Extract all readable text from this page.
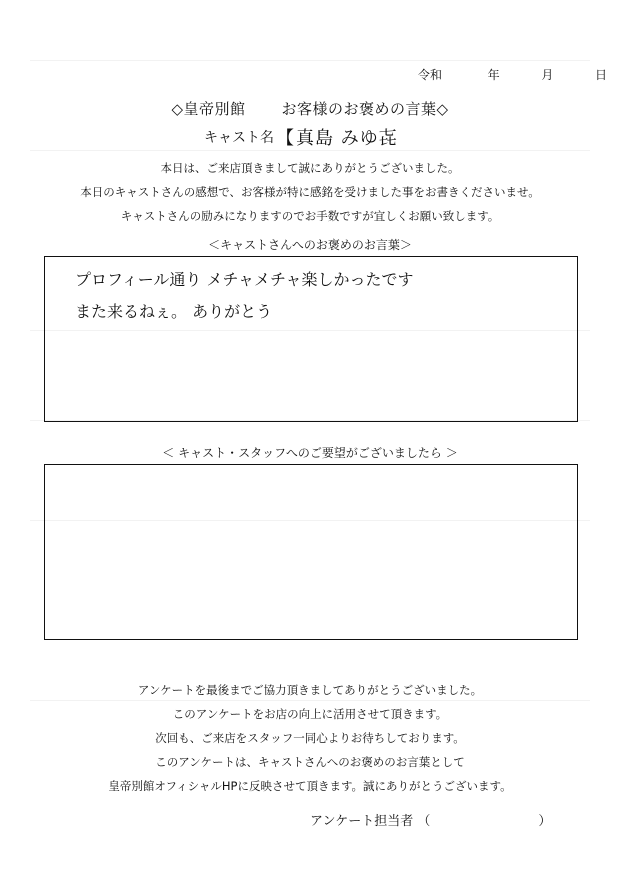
令和	年	月	日
◇皇帝別館 お客様のお褒めの言葉◇
キャスト名 【 真島 みゆ㐂
本日は、ご来店頂きまして誠にありがとうございました。
本日のキャストさんの感想で、お客様が特に感銘を受けました事をお書きくださいませ。
キャストさんの励みになりますのでお手数ですが宜しくお願い致します。
＜キャストさんへのお褒めのお言葉＞
プロフィール通り メチャメチャ楽しかったです
また来るねぇ。 ありがとう
＜ キャスト・スタッフへのご要望がございましたら ＞
アンケートを最後までご協力頂きましてありがとうございました。
このアンケートをお店の向上に活用させて頂きます。
次回も、ご来店をスタッフ一同心よりお待ちしております。
このアンケートは、キャストさんへのお褒めのお言葉として
皇帝別館オフィシャルHPに反映させて頂きます。誠にありがとうございます。
アンケート担当者 （	）
